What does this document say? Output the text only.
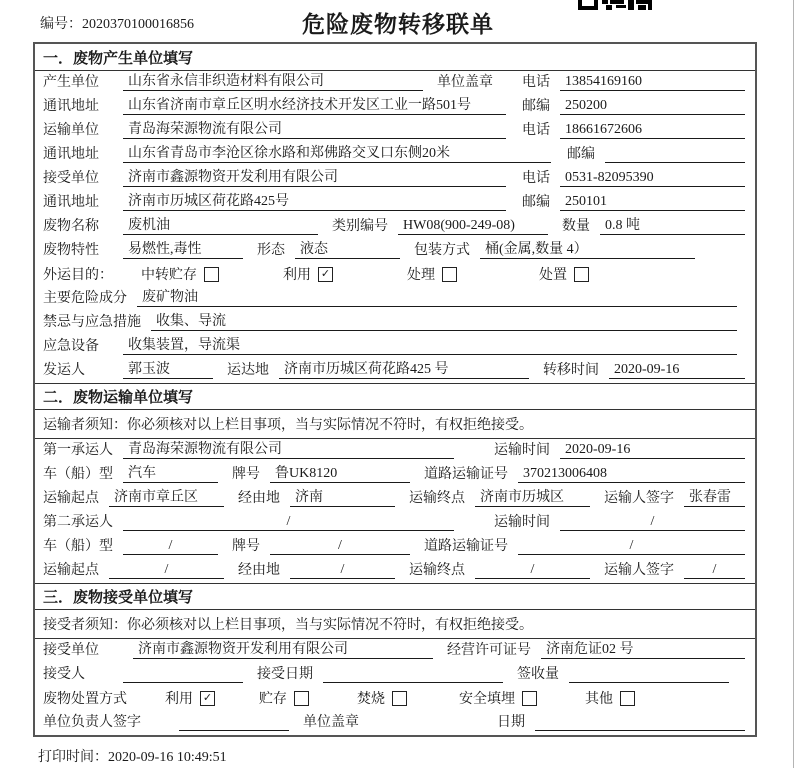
编号：2020370100016856	危险废物转移联单
一．废物产生单位填写
产生单位	山东省永信非织造材料有限公司	单位盖章 电话	13854169160
通讯地址	山东省济南市章丘区明水经济技术开发区工业一路501号	邮编	250200
运输单位	青岛海荣源物流有限公司	电话	18661672606
通讯地址	山东省青岛市李沧区徐水路和郑佛路交叉口东侧20米	邮编
接受单位	济南市鑫源物资开发利用有限公司	电话	0531-82095390
通讯地址	济南市历城区荷花路425号	邮编	250101
废物名称	废机油	类别编号	HW08(900-249-08)	数量	0.8 吨
废物特性	易燃性,毒性	形态	液态	包装方式	桶(金属,数量 4）
外运目的： 中转贮存	利用 ✓	处理	处置
主要危险成分	废矿物油
禁忌与应急措施	收集、导流
应急设备	收集装置，导流渠
发运人	郭玉波	运达地	济南市历城区荷花路425 号	转移时间	2020-09-16
二．废物运输单位填写
运输者须知：你必须核对以上栏目事项，当与实际情况不符时，有权拒绝接受。
第一承运人	青岛海荣源物流有限公司	运输时间	2020-09-16
车（船）型	汽车	牌号	鲁UK8120	道路运输证号	370213006408
运输起点	济南市章丘区	经由地	济南	运输终点	济南市历城区	运输人签字	张春雷
第二承运人	/	运输时间	/
车（船）型	/	牌号	/	道路运输证号	/
运输起点	/	经由地	/	运输终点	/	运输人签字	/
三．废物接受单位填写
接受者须知：你必须核对以上栏目事项，当与实际情况不符时，有权拒绝接受。
接受单位	济南市鑫源物资开发利用有限公司	经营许可证号	济南危证02 号
接受人	接受日期	签收量
废物处置方式	利用 ✓	贮存	焚烧	安全填埋	其他
单位负责人签字	单位盖章	日期
打印时间：2020-09-16 10:49:51
